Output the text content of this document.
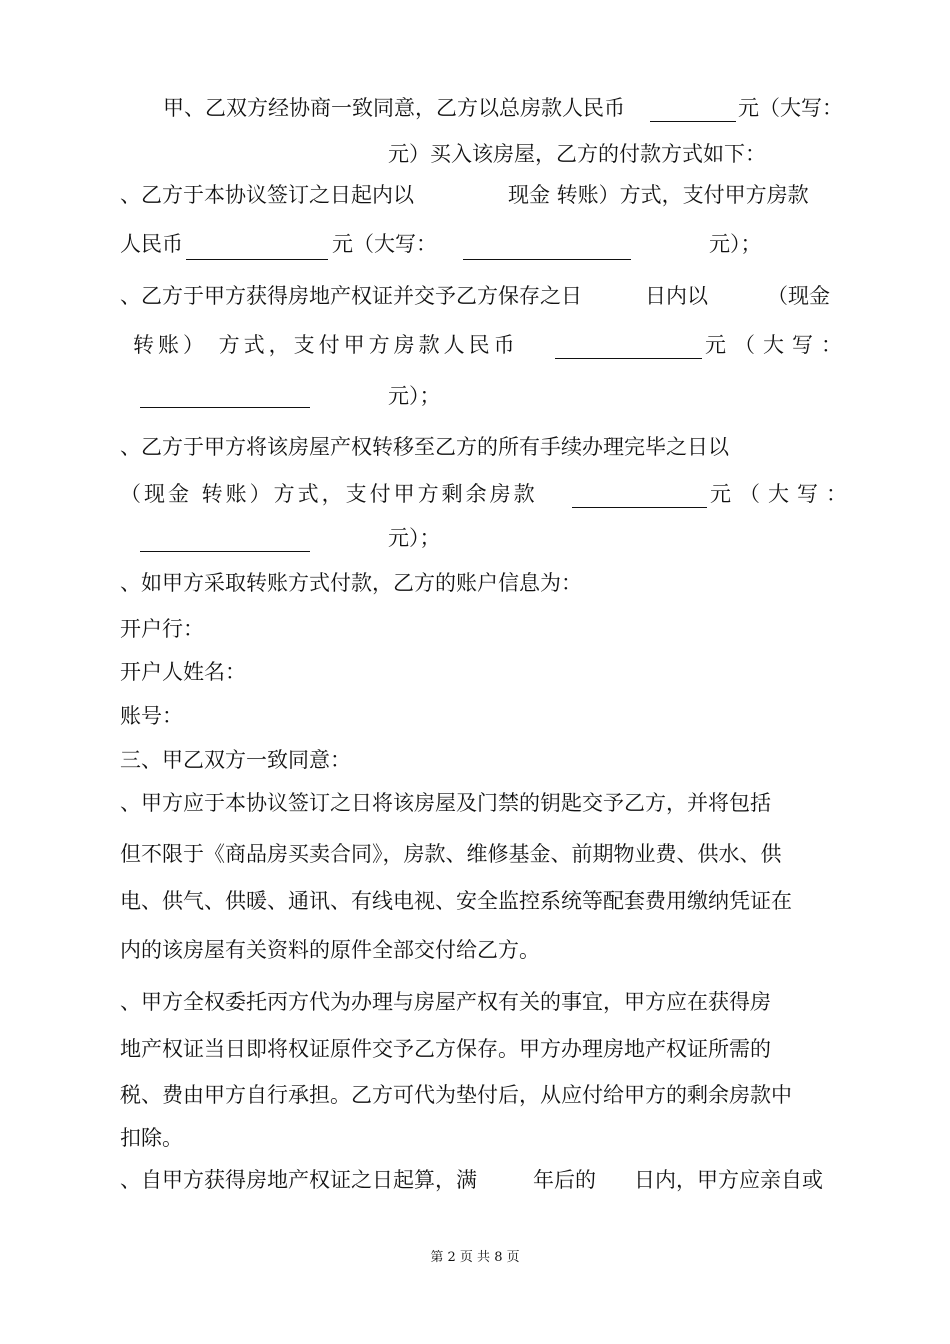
甲、乙双方经协商一致同意，乙方以总房款人民币	元（大写：
元）买入该房屋，乙方的付款方式如下：
、乙方于本协议签订之日起内以	现金 转账）方式，支付甲方房款
人民币	元（大写：	元）；
、乙方于甲方获得房地产权证并交予乙方保存之日	日内以	（现金
转账） 方式，支付甲方房款人民币	元（大写：
元）；
、乙方于甲方将该房屋产权转移至乙方的所有手续办理完毕之日以
（现金 转账）方式，支付甲方剩余房款	元（大写：
元）；
、如甲方采取转账方式付款，乙方的账户信息为：
开户行：
开户人姓名：
账号：
三、甲乙双方一致同意：
、甲方应于本协议签订之日将该房屋及门禁的钥匙交予乙方，并将包括
但不限于《商品房买卖合同》，房款、维修基金、前期物业费、供水、供
电、供气、供暖、通讯、有线电视、安全监控系统等配套费用缴纳凭证在
内的该房屋有关资料的原件全部交付给乙方。
、甲方全权委托丙方代为办理与房屋产权有关的事宜，甲方应在获得房
地产权证当日即将权证原件交予乙方保存。甲方办理房地产权证所需的
税、费由甲方自行承担。乙方可代为垫付后，从应付给甲方的剩余房款中
扣除。
、自甲方获得房地产权证之日起算，满	年后的 日内，甲方应亲自或
第 2 页 共 8 页
